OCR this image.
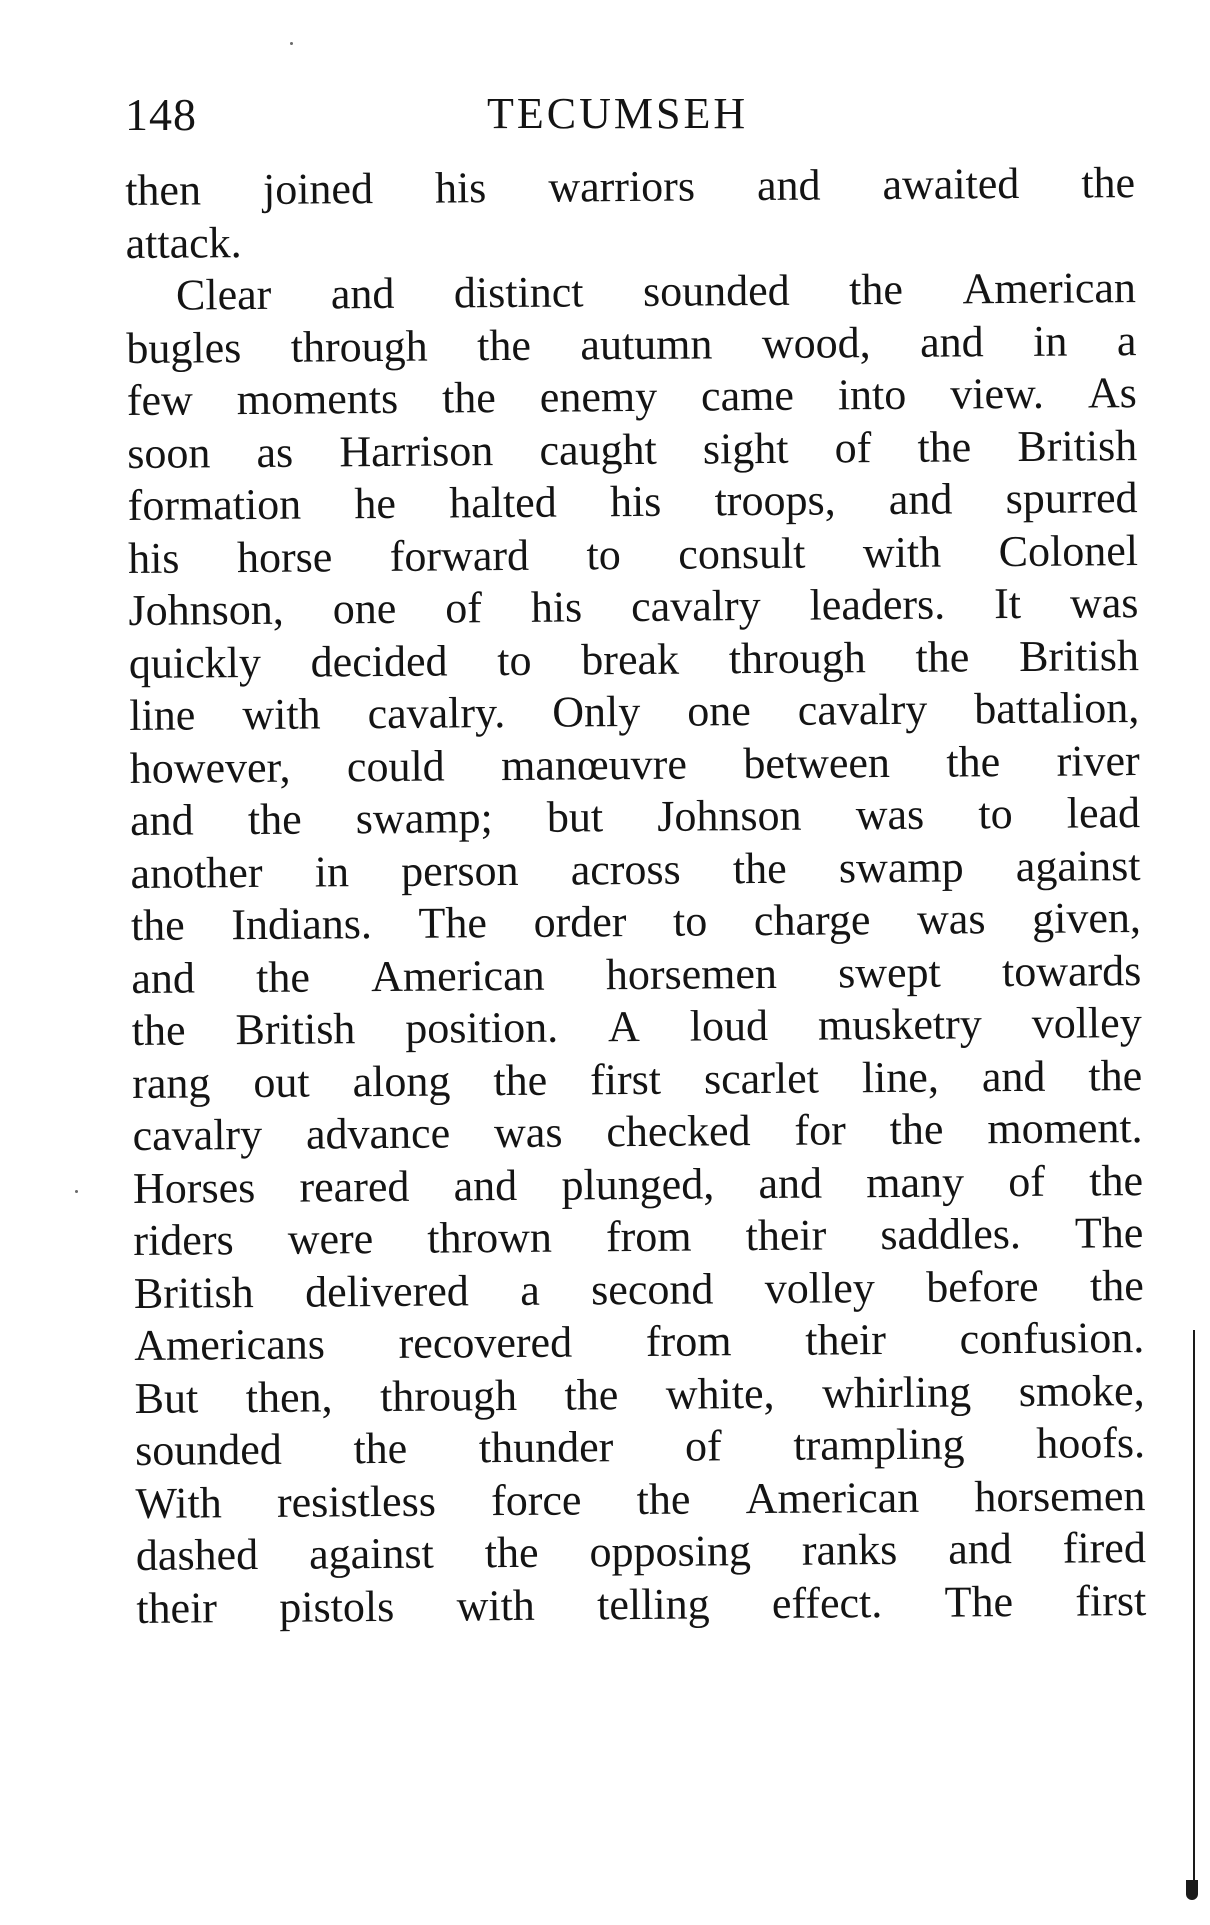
148	TECUMSEH
then joined his warriors and awaited the
attack.
Clear and distinct sounded the American
bugles through the autumn wood, and in a
few moments the enemy came into view. As
soon as Harrison caught sight of the British
formation he halted his troops, and spurred
his horse forward to consult with Colonel
Johnson, one of his cavalry leaders. It was
quickly decided to break through the British
line with cavalry. Only one cavalry battalion,
however, could manœuvre between the river
and the swamp; but Johnson was to lead
another in person across the swamp against
the Indians. The order to charge was given,
and the American horsemen swept towards
the British position. A loud musketry volley
rang out along the first scarlet line, and the
cavalry advance was checked for the moment.
Horses reared and plunged, and many of the
riders were thrown from their saddles. The
British delivered a second volley before the
Americans recovered from their confusion.
But then, through the white, whirling smoke,
sounded the thunder of trampling hoofs.
With resistless force the American horsemen
dashed against the opposing ranks and fired
their pistols with telling effect. The first
